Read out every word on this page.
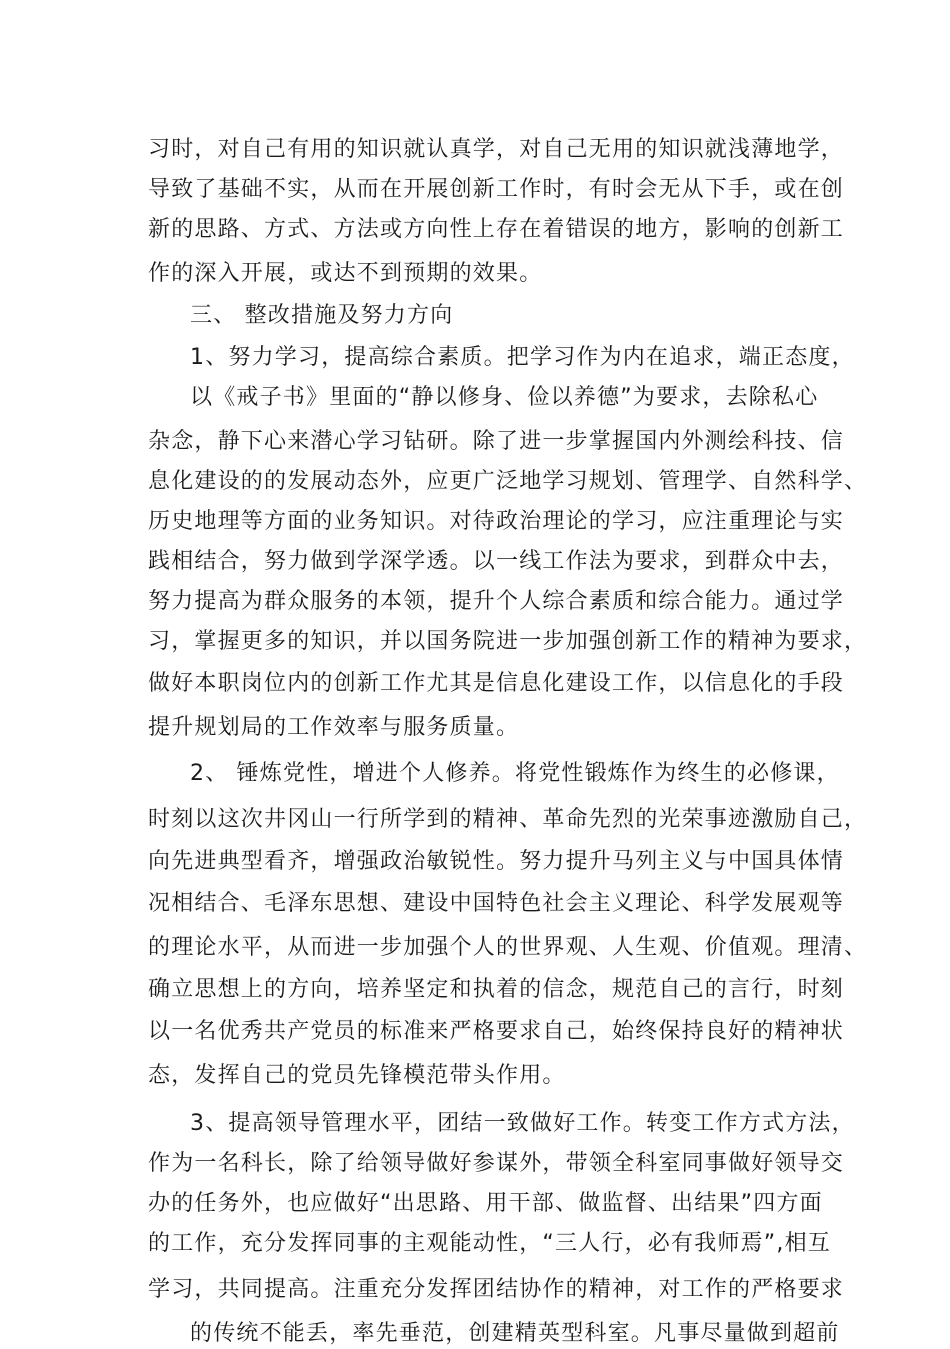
习时，对自己有用的知识就认真学，对自己无用的知识就浅薄地学，
导致了基础不实，从而在开展创新工作时，有时会无从下手，或在创
新的思路、方式、方法或方向性上存在着错误的地方，影响的创新工
作的深入开展，或达不到预期的效果。
三、 整改措施及努力方向
1、努力学习，提高综合素质。把学习作为内在追求，端正态度，
以《戒子书》里面的“静以修身、俭以养德”为要求，去除私心
杂念，静下心来潜心学习钻研。除了进一步掌握国内外测绘科技、信
息化建设的的发展动态外，应更广泛地学习规划、管理学、自然科学、
历史地理等方面的业务知识。对待政治理论的学习，应注重理论与实
践相结合，努力做到学深学透。以一线工作法为要求，到群众中去，
努力提高为群众服务的本领，提升个人综合素质和综合能力。通过学
习，掌握更多的知识，并以国务院进一步加强创新工作的精神为要求，
做好本职岗位内的创新工作尤其是信息化建设工作，以信息化的手段
提升规划局的工作效率与服务质量。
2、 锤炼党性，增进个人修养。将党性锻炼作为终生的必修课，
时刻以这次井冈山一行所学到的精神、革命先烈的光荣事迹激励自己，
向先进典型看齐，增强政治敏锐性。努力提升马列主义与中国具体情
况相结合、毛泽东思想、建设中国特色社会主义理论、科学发展观等
的理论水平，从而进一步加强个人的世界观、人生观、价值观。理清、
确立思想上的方向，培养坚定和执着的信念，规范自己的言行，时刻
以一名优秀共产党员的标准来严格要求自己，始终保持良好的精神状
态，发挥自己的党员先锋模范带头作用。
3、提高领导管理水平，团结一致做好工作。转变工作方式方法，
作为一名科长，除了给领导做好参谋外，带领全科室同事做好领导交
办的任务外，也应做好“出思路、用干部、做监督、出结果”四方面
的工作，充分发挥同事的主观能动性，“三人行，必有我师焉”,相互
学习，共同提高。注重充分发挥团结协作的精神，对工作的严格要求
的传统不能丢，率先垂范，创建精英型科室。凡事尽量做到超前
